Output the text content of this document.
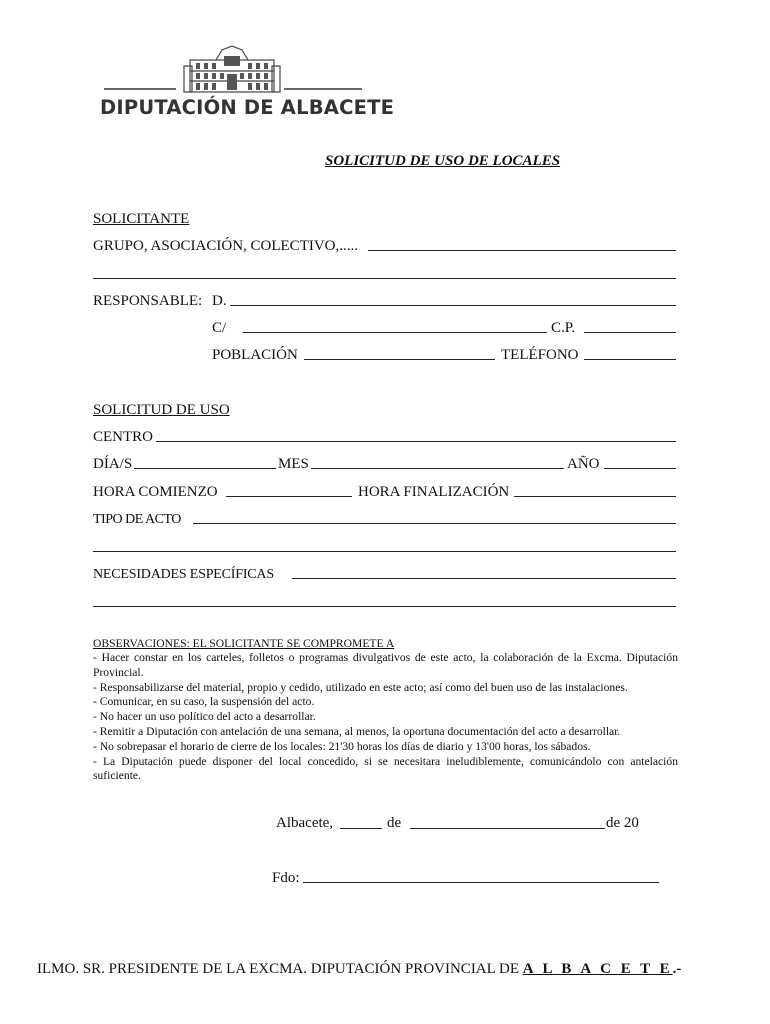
DIPUTACIÓN DE ALBACETE
SOLICITUD DE USO DE LOCALES
SOLICITANTE
GRUPO, ASOCIACIÓN, COLECTIVO,.....
RESPONSABLE: D.
C/	C.P.
POBLACIÓN	TELÉFONO
SOLICITUD DE USO
CENTRO
DÍA/S	MES	AÑO
HORA COMIENZO	HORA FINALIZACIÓN
TIPO DE ACTO
NECESIDADES ESPECÍFICAS

OBSERVACIONES: EL SOLICITANTE SE COMPROMETE A

- Hacer constar en los carteles, folletos o programas divulgativos de este acto, la colaboración de la Excma. Diputación Provincial.
- Responsabilizarse del material, propio y cedido, utilizado en este acto; así como del buen uso de las instalaciones.
- Comunicar, en su caso, la suspensión del acto.
- No hacer un uso político del acto a desarrollar.
- Remitir a Diputación con antelación de una semana, al menos, la oportuna documentación del acto a desarrollar.
- No sobrepasar el horario de cierre de los locales: 21'30 horas los días de diario y 13'00 horas, los sábados.
- La Diputación puede disponer del local concedido, si se necesitara ineludiblemente, comunicándolo con antelación suficiente.
Albacete,	de	de 20
Fdo:
ILMO. SR. PRESIDENTE DE LA EXCMA. DIPUTACIÓN PROVINCIAL DE A L B A C E T E.-
